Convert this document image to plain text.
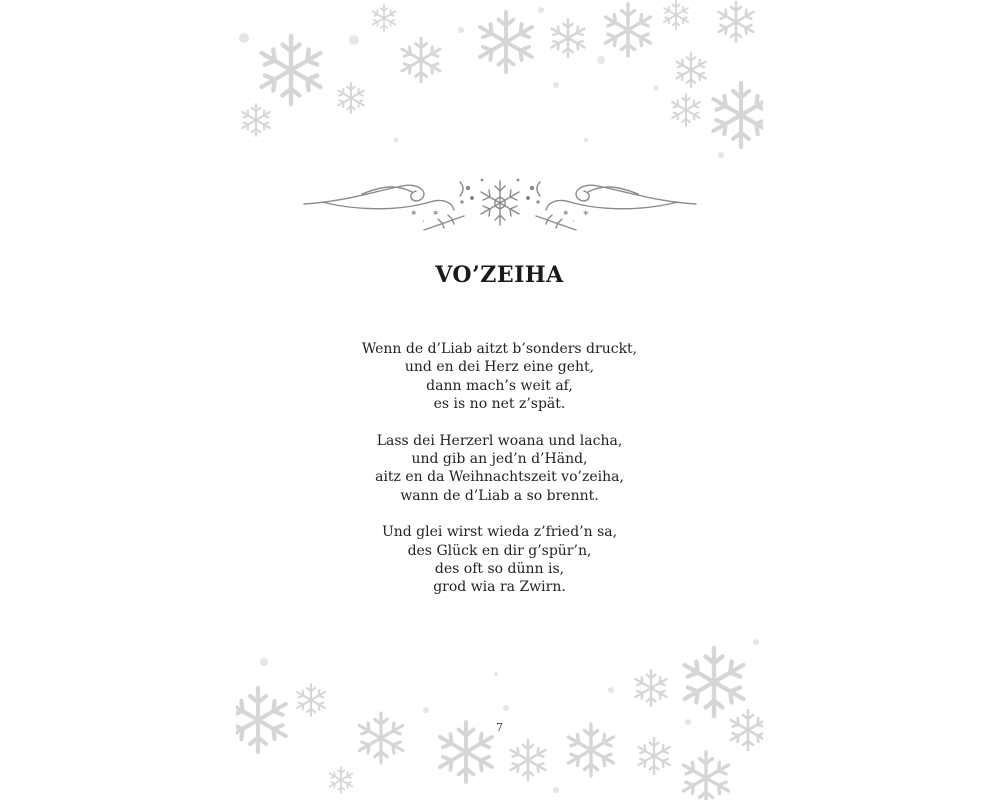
✶ ✶
·
✶
✶
·
VO’ZEIHA
Wenn de d’Liab aitzt b’sonders druckt,
und en dei Herz eine geht,
dann mach’s weit af,
es is no net z’spät.
Lass dei Herzerl woana und lacha,
und gib an jed’n d’Händ,
aitz en da Weihnachtszeit vo’zeiha,
wann de d’Liab a so brennt.
Und glei wirst wieda z’fried’n sa,
des Glück en dir g’spür’n,
des oft so dünn is,
grod wia ra Zwirn.
7
